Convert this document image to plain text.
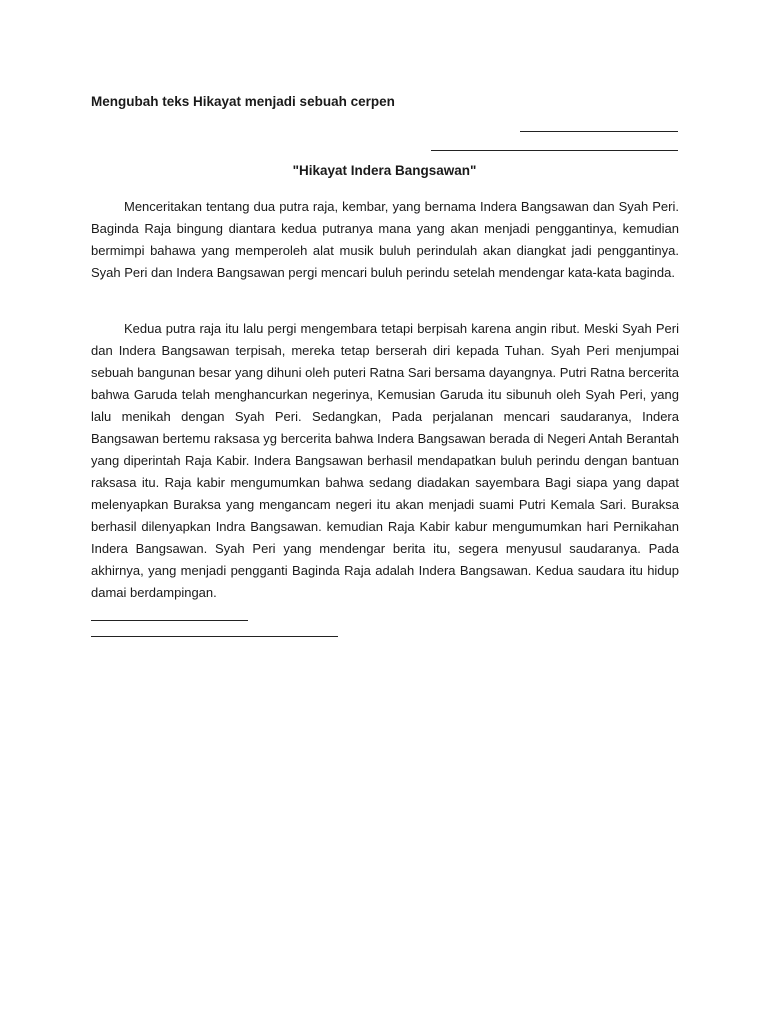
Mengubah teks Hikayat menjadi sebuah cerpen
"Hikayat Indera Bangsawan"

Menceritakan tentang dua putra raja, kembar, yang bernama Indera Bangsawan dan Syah Peri. Baginda Raja bingung diantara kedua putranya mana yang akan menjadi penggantinya, kemudian bermimpi bahawa yang memperoleh alat musik buluh perindulah akan diangkat jadi penggantinya. Syah Peri dan Indera Bangsawan pergi mencari buluh perindu setelah mendengar kata-kata baginda.

Kedua putra raja itu lalu pergi mengembara tetapi berpisah karena angin ribut. Meski Syah Peri dan Indera Bangsawan terpisah, mereka tetap berserah diri kepada Tuhan. Syah Peri menjumpai sebuah bangunan besar yang dihuni oleh puteri Ratna Sari bersama dayangnya. Putri Ratna bercerita bahwa Garuda telah menghancurkan negerinya, Kemusian Garuda itu sibunuh oleh Syah Peri, yang lalu menikah dengan Syah Peri. Sedangkan, Pada perjalanan mencari saudaranya, Indera Bangsawan bertemu raksasa yg bercerita bahwa Indera Bangsawan berada di Negeri Antah Berantah yang diperintah Raja Kabir. Indera Bangsawan berhasil mendapatkan buluh perindu dengan bantuan raksasa itu. Raja kabir mengumumkan bahwa sedang diadakan sayembara Bagi siapa yang dapat melenyapkan Buraksa yang mengancam negeri itu akan menjadi suami Putri Kemala Sari. Buraksa berhasil dilenyapkan Indra Bangsawan. kemudian Raja Kabir kabur mengumumkan hari Pernikahan Indera Bangsawan. Syah Peri yang mendengar berita itu, segera menyusul saudaranya. Pada akhirnya, yang menjadi pengganti Baginda Raja adalah Indera Bangsawan. Kedua saudara itu hidup damai berdampingan.
